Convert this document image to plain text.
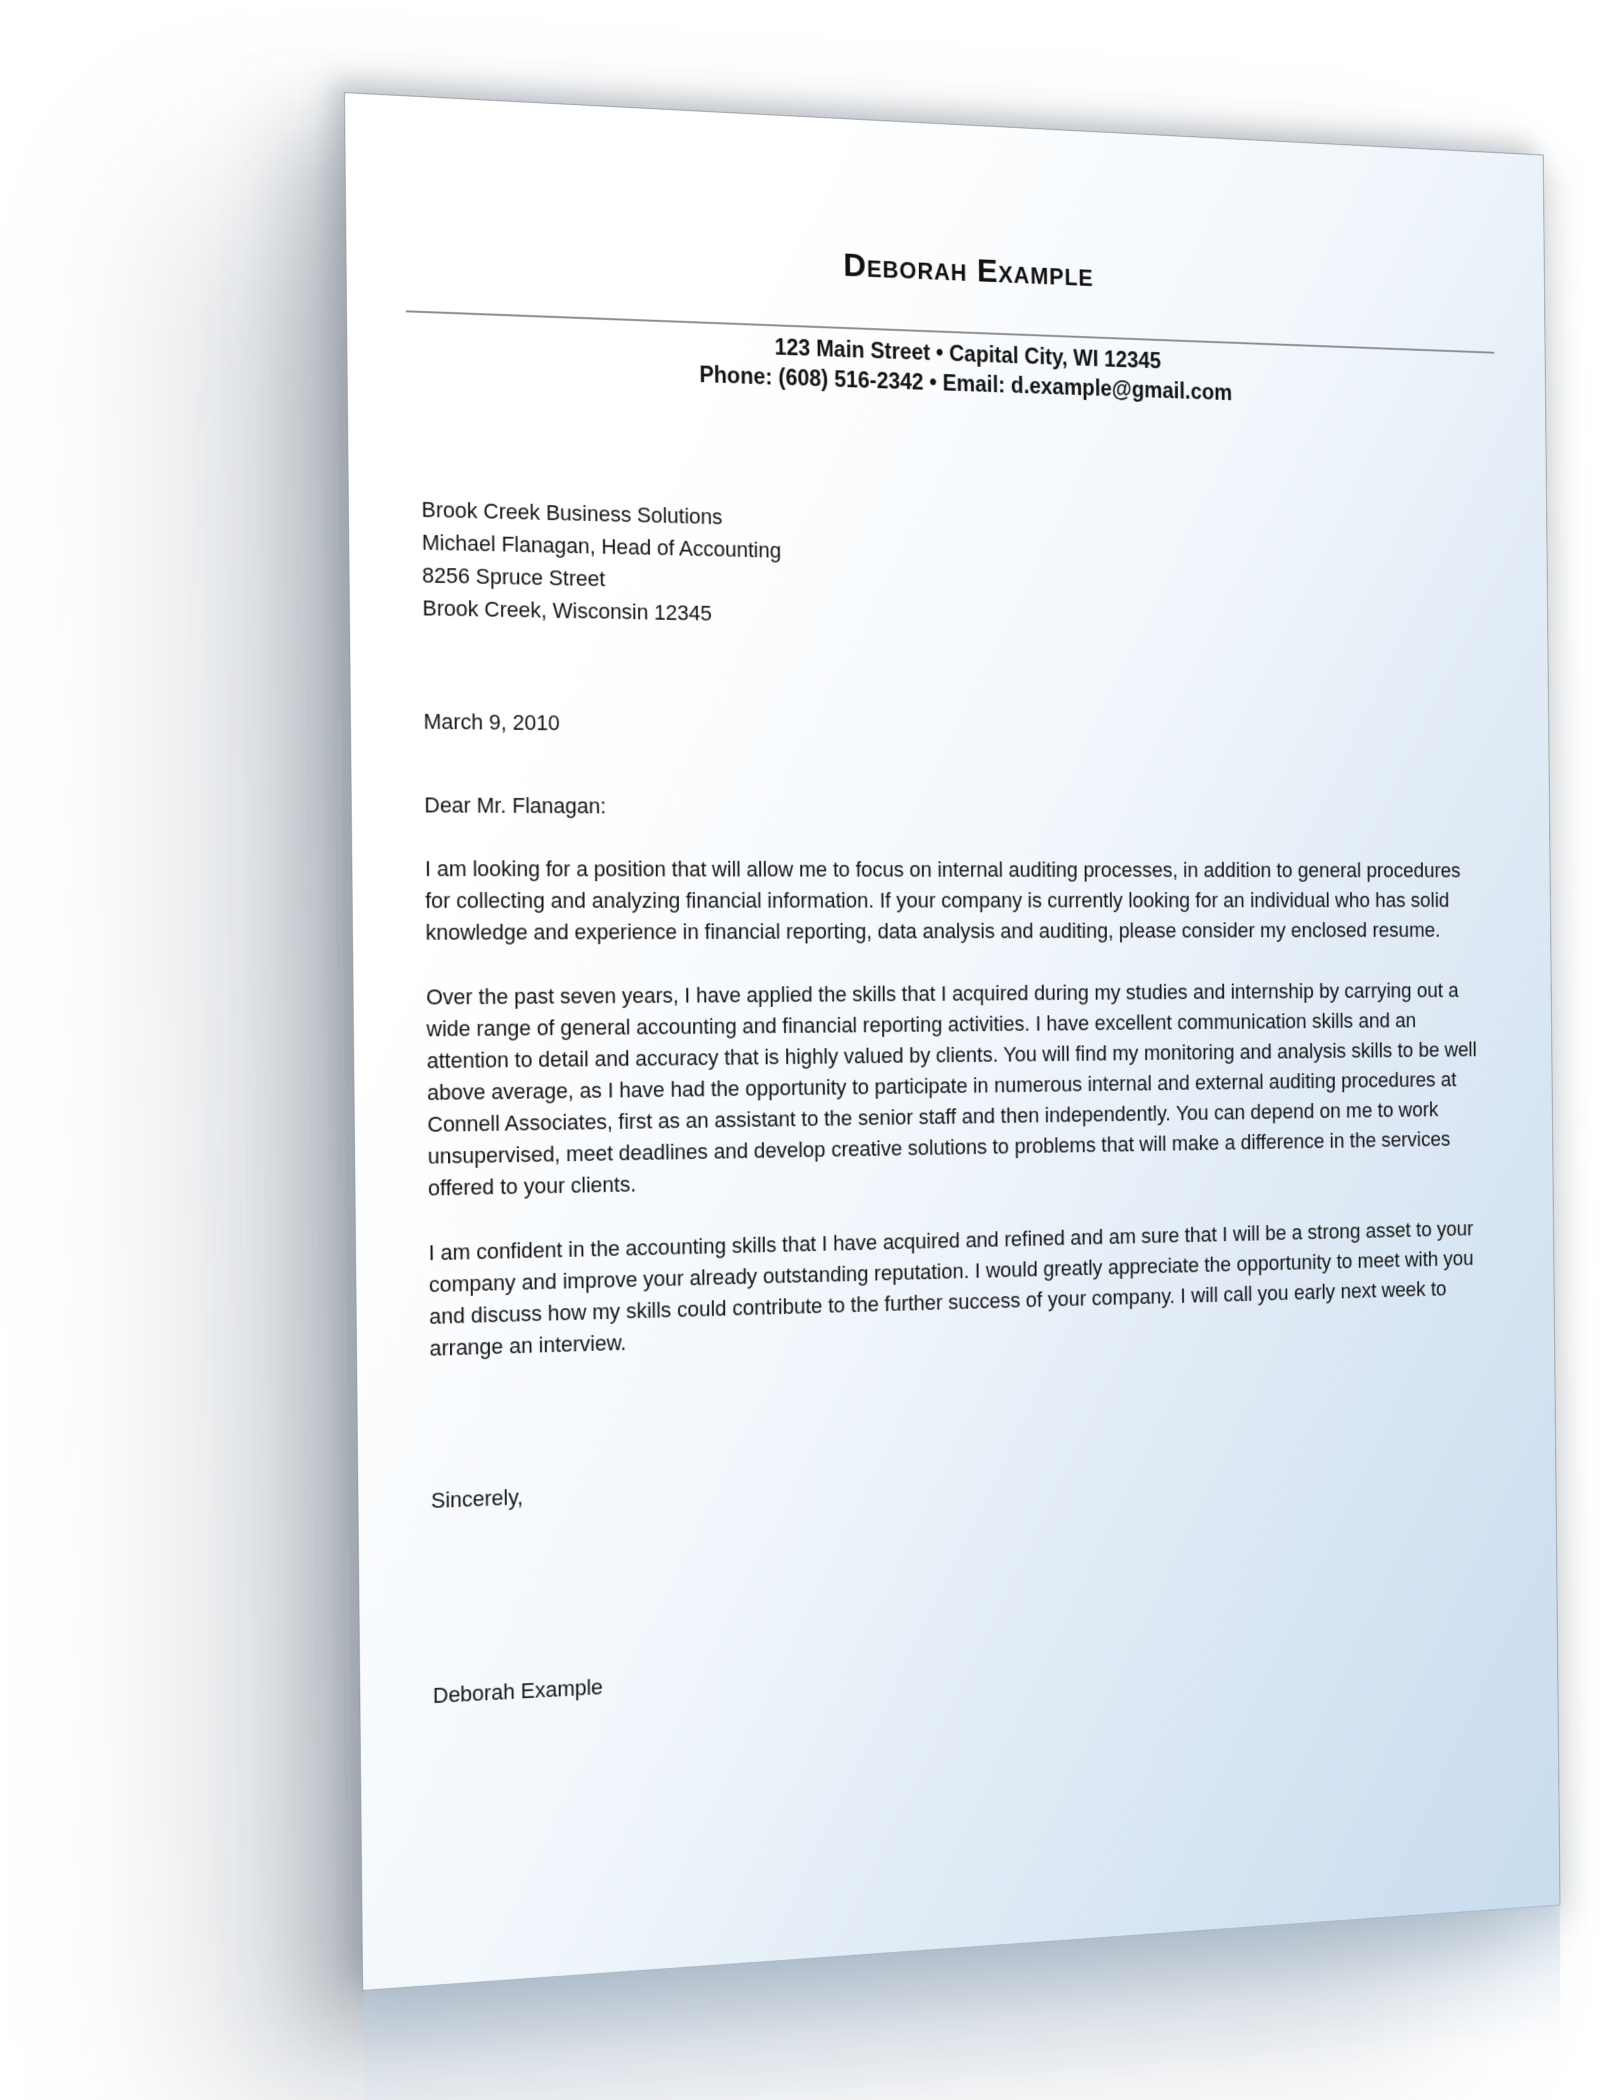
Deborah Example
123 Main Street • Capital City, WI 12345
Phone: (608) 516-2342 • Email: d.example@gmail.com
Brook Creek Business Solutions
Michael Flanagan, Head of Accounting
8256 Spruce Street
Brook Creek, Wisconsin 12345
March 9, 2010
Dear Mr. Flanagan:

I am looking for a position that will allow me to focus on internal auditing processes, in addition to general procedures for collecting and analyzing financial information. If your company is currently looking for an individual who has solid knowledge and experience in financial reporting, data analysis and auditing, please consider my enclosed resume.

Over the past seven years, I have applied the skills that I acquired during my studies and internship by carrying out a wide range of general accounting and financial reporting activities. I have excellent communication skills and an attention to detail and accuracy that is highly valued by clients. You will find my monitoring and analysis skills to be well above average, as I have had the opportunity to participate in numerous internal and external auditing procedures at Connell Associates, first as an assistant to the senior staff and then independently. You can depend on me to work unsupervised, meet deadlines and develop creative solutions to problems that will make a difference in the services offered to your clients.

I am confident in the accounting skills that I have acquired and refined and am sure that I will be a strong asset to your company and improve your already outstanding reputation. I would greatly appreciate the opportunity to meet with you and discuss how my skills could contribute to the further success of your company. I will call you early next week to arrange an interview.

Sincerely,
Deborah Example
